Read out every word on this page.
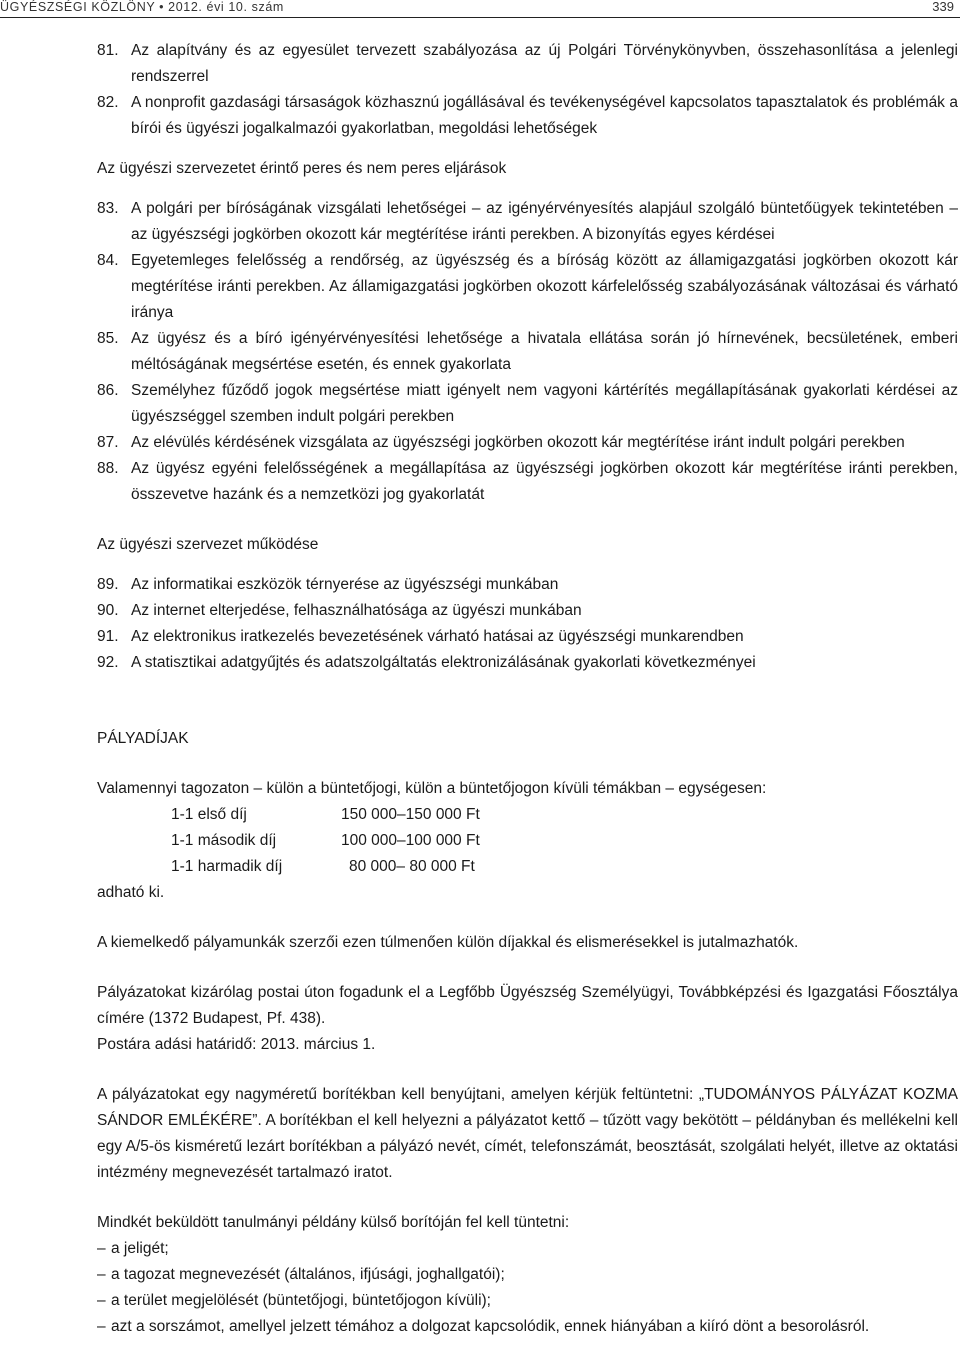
ÜGYÉSZSÉGI KÖZLÖNY • 2012. évi 10. szám	339
81. Az alapítvány és az egyesület tervezett szabályozása az új Polgári Törvénykönyvben, összehasonlítása a jelenlegi rendszerrel
82. A nonprofit gazdasági társaságok közhasznú jogállásával és tevékenységével kapcsolatos tapasztalatok és problémák a bírói és ügyészi jogalkalmazói gyakorlatban, megoldási lehetőségek

Az ügyészi szervezetet érintő peres és nem peres eljárások

83. A polgári per bíróságának vizsgálati lehetőségei – az igényérvényesítés alapjául szolgáló büntetőügyek tekintetében – az ügyészségi jogkörben okozott kár megtérítése iránti perekben. A bizonyítás egyes kérdései
84. Egyetemleges felelősség a rendőrség, az ügyészség és a bíróság között az államigazgatási jogkörben okozott kár megtérítése iránti perekben. Az államigazgatási jogkörben okozott kárfelelősség szabályozásának változásai és várható iránya
85. Az ügyész és a bíró igényérvényesítési lehetősége a hivatala ellátása során jó hírnevének, becsületének, emberi méltóságának megsértése esetén, és ennek gyakorlata
86. Személyhez fűződő jogok megsértése miatt igényelt nem vagyoni kártérítés megállapításának gyakorlati kérdései az ügyészséggel szemben indult polgári perekben
87. Az elévülés kérdésének vizsgálata az ügyészségi jogkörben okozott kár megtérítése iránt indult polgári perekben
88. Az ügyész egyéni felelősségének a megállapítása az ügyészségi jogkörben okozott kár megtérítése iránti perekben, összevetve hazánk és a nemzetközi jog gyakorlatát

Az ügyészi szervezet működése

89. Az informatikai eszközök térnyerése az ügyészségi munkában
90. Az internet elterjedése, felhasználhatósága az ügyészi munkában
91. Az elektronikus iratkezelés bevezetésének várható hatásai az ügyészségi munkarendben
92. A statisztikai adatgyűjtés és adatszolgáltatás elektronizálásának gyakorlati következményei

PÁLYADÍJAK

Valamennyi tagozaton – külön a büntetőjogi, külön a büntetőjogon kívüli témákban – egységesen:

1-1 első díj	150 000–150 000 Ft
1-1 második díj	100 000–100 000 Ft
1-1 harmadik díj	80 000– 80 000 Ft

adható ki.

A kiemelkedő pályamunkák szerzői ezen túlmenően külön díjakkal és elismerésekkel is jutalmazhatók.

Pályázatokat kizárólag postai úton fogadunk el a Legfőbb Ügyészség Személyügyi, Továbbképzési és Igazgatási Főosztálya címére (1372 Budapest, Pf. 438).

Postára adási határidő: 2013. március 1.

A pályázatokat egy nagyméretű borítékban kell benyújtani, amelyen kérjük feltüntetni: „TUDOMÁNYOS PÁLYÁZAT KOZMA SÁNDOR EMLÉKÉRE”. A borítékban el kell helyezni a pályázatot kettő – tűzött vagy bekötött – példányban és mellékelni kell egy A/5-ös kisméretű lezárt borítékban a pályázó nevét, címét, telefonszámát, beosztását, szolgálati helyét, illetve az oktatási intézmény megnevezését tartalmazó iratot.

Mindkét beküldött tanulmányi példány külső borítóján fel kell tüntetni:

– a jeligét;
– a tagozat megnevezését (általános, ifjúsági, joghallgatói);
– a terület megjelölését (büntetőjogi, büntetőjogon kívüli);
– azt a sorszámot, amellyel jelzett témához a dolgozat kapcsolódik, ennek hiányában a kiíró dönt a besorolásról.
